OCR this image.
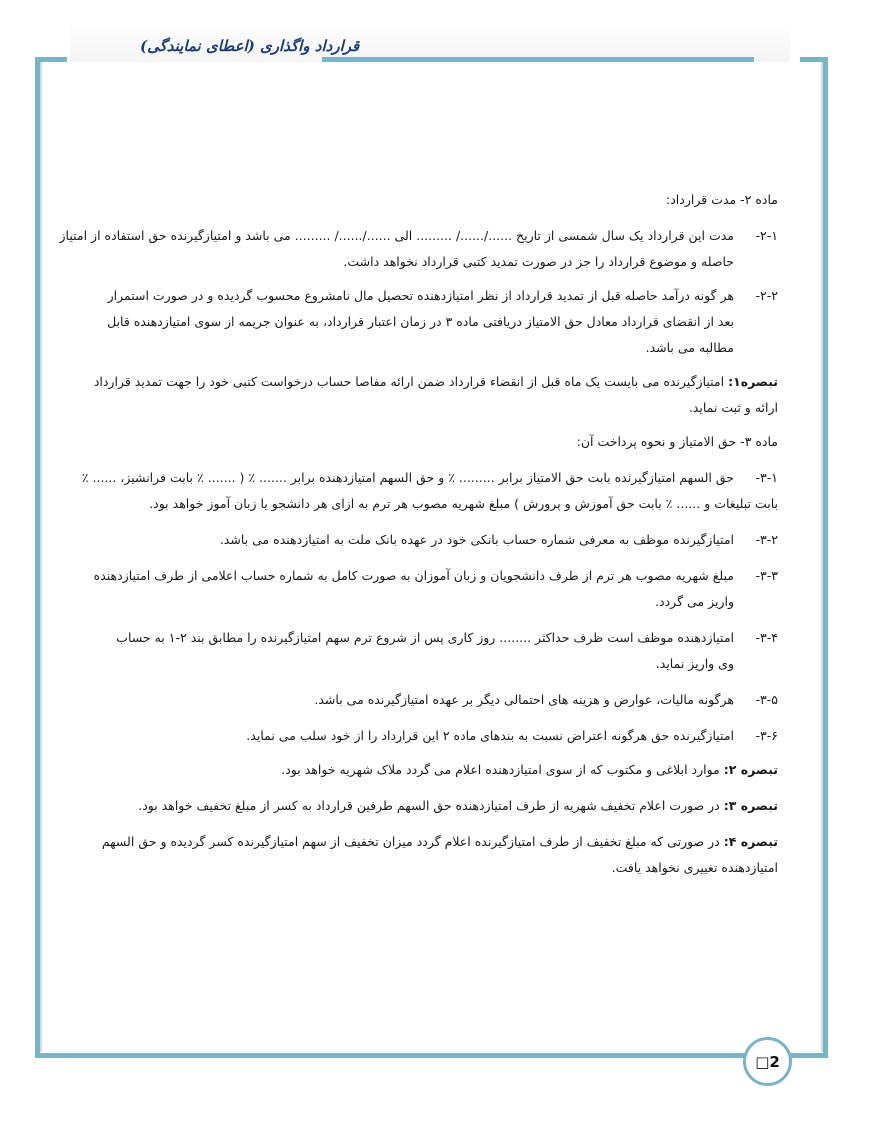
قرارداد واگذاری (اعطای نمایندگی)
ماده ۲- مدت قرارداد:
۲-۱-
مدت این قرارداد یک سال شمسی از تاریخ ....../....../ ......... الی ....../....../ ......... می باشد و امتیازگیرنده حق استفاده از امتیاز
حاصله و موضوع قرارداد را جز در صورت تمدید کتبی قرارداد نخواهد داشت.
۲-۲-
هر گونه درآمد حاصله قبل از تمدید قرارداد از نظر امتیازدهنده تحصیل مال نامشروع محسوب گردیده و در صورت استمرار
بعد از انقضای قرارداد معادل حق الامتیاز دریافتی ماده ۳ در زمان اعتبار قرارداد، به عنوان جریمه از سوی امتیازدهنده قابل
مطالبه می باشد.
تبصره۱: امتیازگیرنده می بایست یک ماه قبل از انقضاء قرارداد ضمن ارائه مفاصا حساب درخواست کتبی خود را جهت تمدید قرارداد
ارائه و ثبت نماید.
ماده ۳- حق الامتیاز و نحوه پرداخت آن:
۳-۱-
حق السهم امتیازگیرنده بابت حق الامتیاز برابر ......... ٪ و حق السهم امتیازدهنده برابر ....... ٪ ( ....... ٪ بابت فرانشیز، ...... ٪
بابت تبلیغات و ...... ٪ بابت حق آموزش و پرورش ) مبلغ شهریه مصوب هر ترم به ازای هر دانشجو یا زبان آموز خواهد بود.
۳-۲-
امتیازگیرنده موظف به معرفی شماره حساب بانکی خود در عهده بانک ملت به امتیازدهنده می باشد.
۳-۳-
مبلغ شهریه مصوب هر ترم از طرف دانشجویان و زبان آموزان به صورت کامل به شماره حساب اعلامی از طرف امتیازدهنده
واریز می گردد.
۳-۴-
امتیازدهنده موظف است ظرف حداکثر ........ روز کاری پس از شروع ترم سهم امتیازگیرنده را مطابق بند ۲-۱ به حساب
وی واریز نماید.
۳-۵-
هرگونه مالیات، عوارض و هزینه های احتمالی دیگر بر عهده امتیازگیرنده می باشد.
۳-۶-
امتیازگیرنده حق هرگونه اعتراض نسبت به بندهای ماده ۲ این قرارداد را از خود سلب می نماید.
تبصره ۲: موارد ابلاغی و مکتوب که از سوی امتیازدهنده اعلام می گردد ملاک شهریه خواهد بود.
تبصره ۳: در صورت اعلام تخفیف شهریه از طرف امتیازدهنده حق السهم طرفین قرارداد به کسر از مبلغ تخفیف خواهد بود.
تبصره ۴: در صورتی که مبلغ تخفیف از طرف امتیازگیرنده اعلام گردد میزان تخفیف از سهم امتیازگیرنده کسر گردیده و حق السهم
امتیازدهنده تغییری نخواهد یافت.
□2
